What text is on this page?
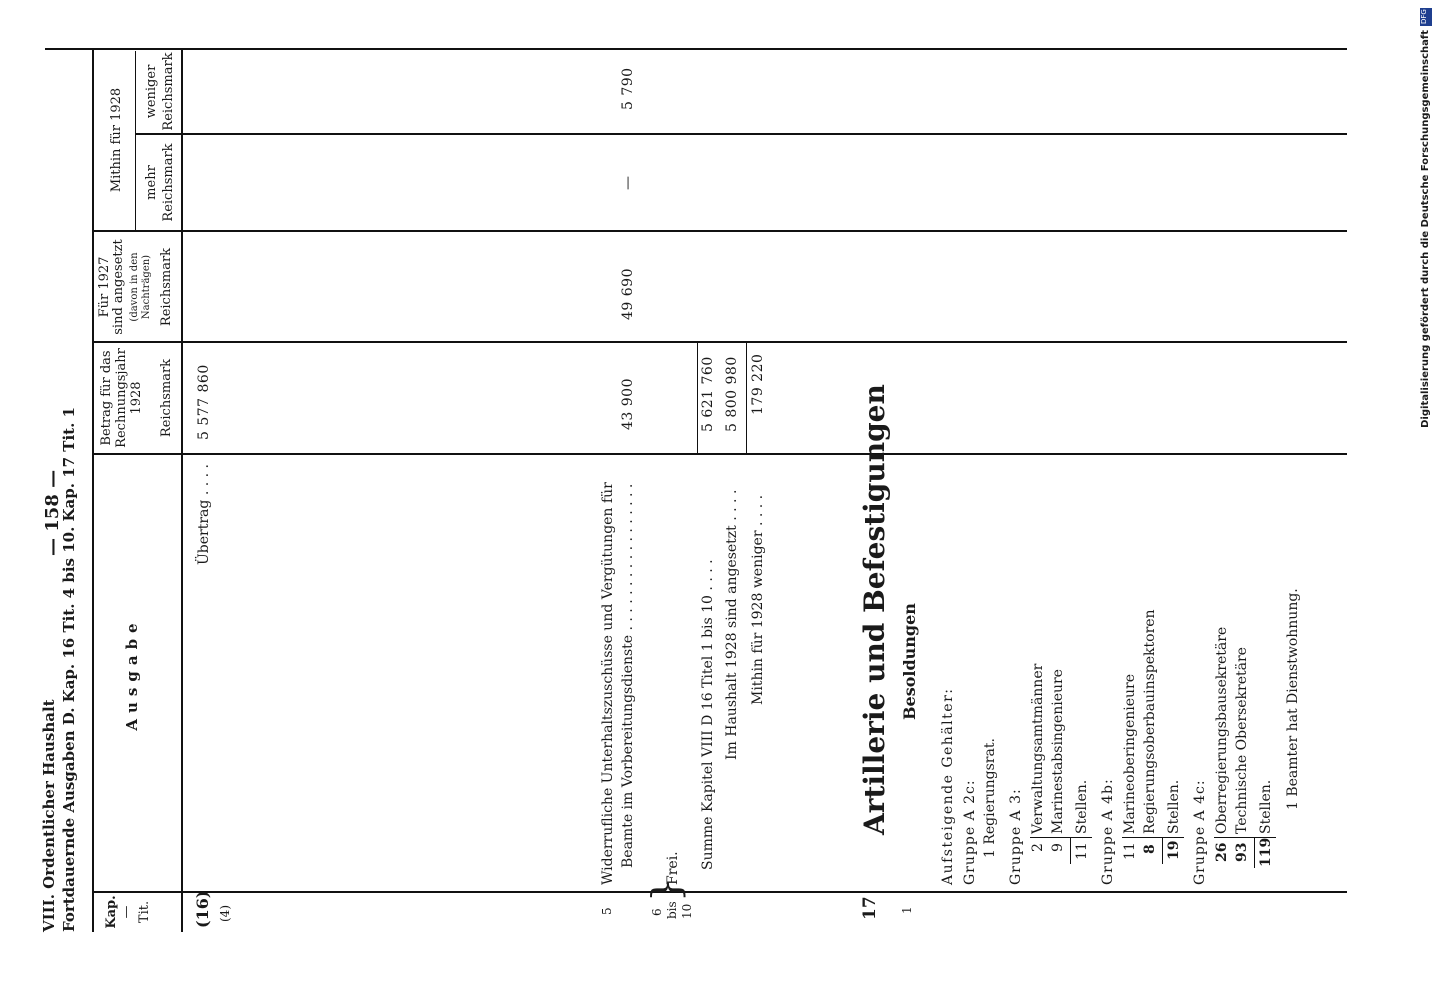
VIII. Ordentlicher Haushalt Fortdauernde Ausgaben D. Kap. 16 Tit. 4 bis 10. Kap. 17 Tit. 1
— 158 —
Kap. — Tit.
Ausgabe
Betrag für das Rechnungsjahr 1928 Reichsmark
Für 1927 sind angesetzt (davon in den Nachträgen) Reichsmark
Mithin für 1928 mehr Reichsmark
weniger Reichsmark
(16) (4)
Übertrag . . . .
5 577 860
5
Widerrufliche Unterhaltszuschüsse und Vergütungen für Beamte im Vorbereitungsdienste . . . . . . . . . . . . . . . . .
43 900
49 690
—
5 790
6 bis 10
}
Frei. Summe Kapitel VIII D 16 Titel 1 bis 10 . . . .
5 621 760
Im Haushalt 1928 sind angesetzt . . . .
5 800 980
Mithin für 1928 weniger . . . .
179 220
17
Artillerie und Befestigungen
1
Besoldungen
Aufsteigende Gehälter: Gruppe A 2c: 1 Regierungsrat. Gruppe A 3: 2
Verwaltungsamtmänner
9
Marinestabsingenieure
11
Stellen. Gruppe A 4b: 11
Marineoberingenieure
8
Regierungsoberbauinspektoren
19
Stellen. Gruppe A 4c: 26
Oberregierungsbausekretäre
93
Technische Obersekretäre
119
Stellen. 1 Beamter hat Dienstwohnung.
DFG
Digitalisierung gefördert durch die Deutsche Forschungsgemeinschaft
